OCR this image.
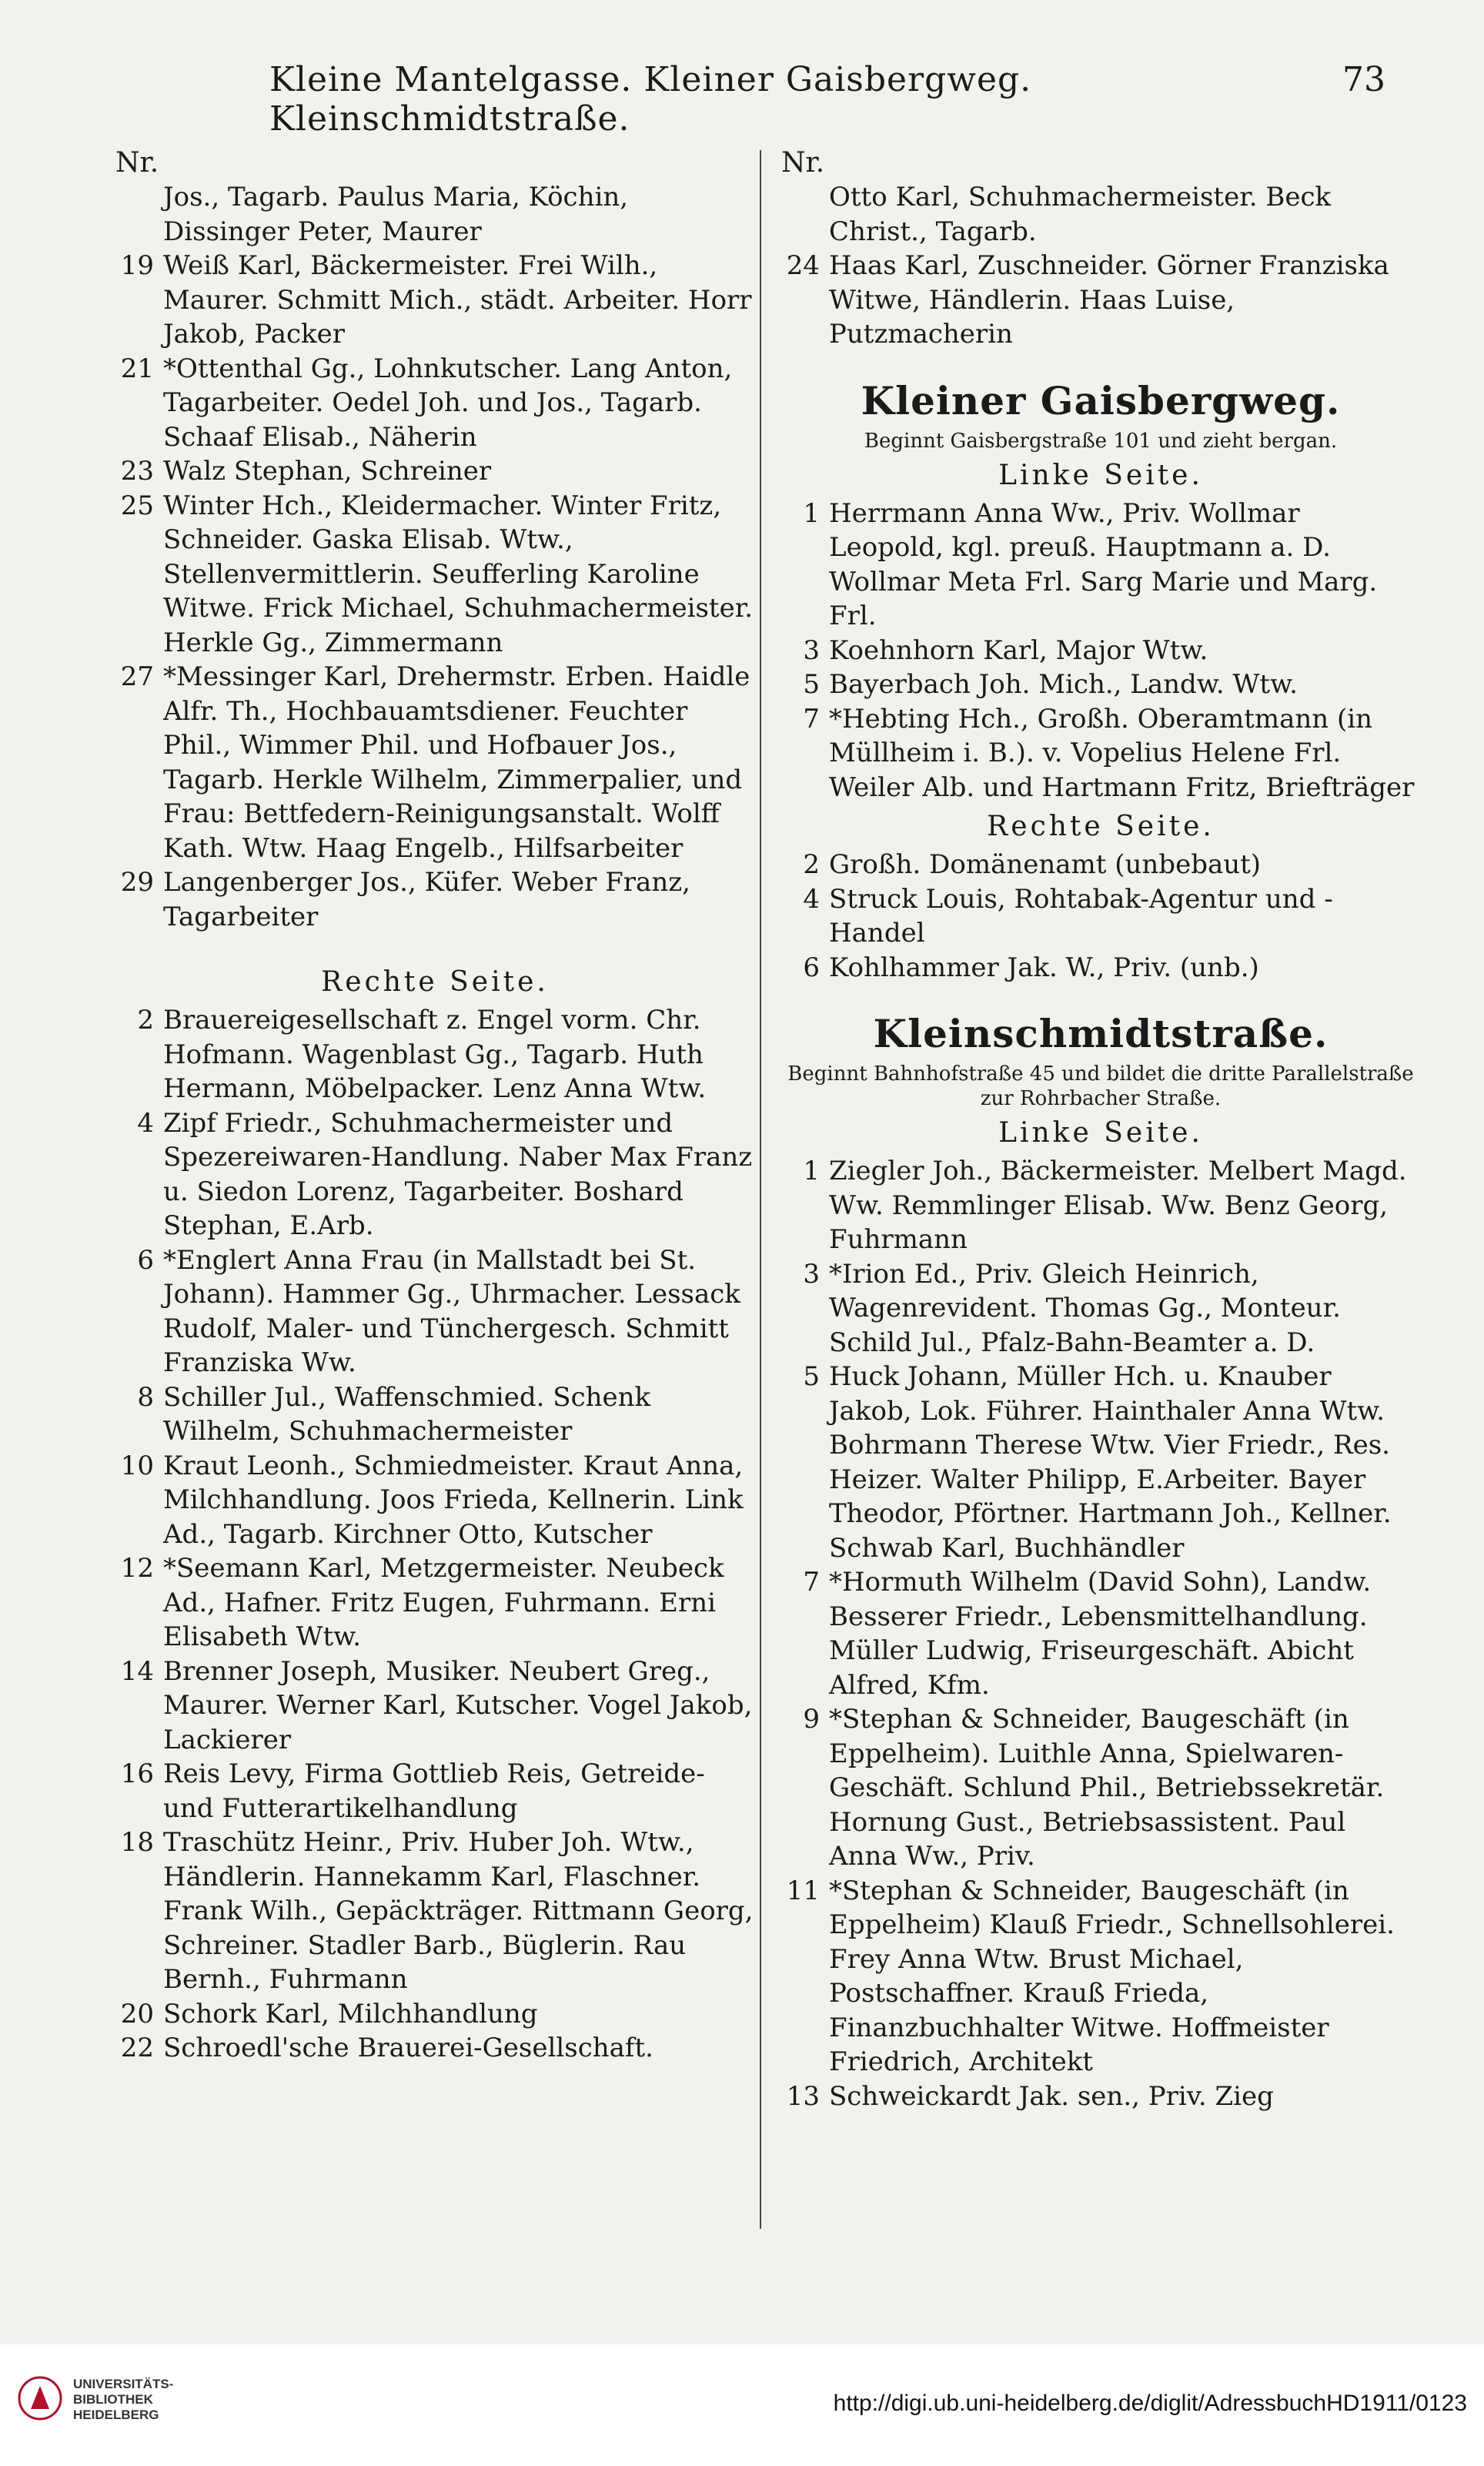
Kleine Mantelgasse. Kleiner Gaisbergweg. Kleinschmidtstraße.
73
Nr.

Jos., Tagarb. Paulus Maria, Köchin, Dissinger Peter, Maurer

19 Weiß Karl, Bäckermeister. Frei Wilh., Maurer. Schmitt Mich., städt. Arbeiter. Horr Jakob, Packer

21 *Ottenthal Gg., Lohnkutscher. Lang Anton, Tagarbeiter. Oedel Joh. und Jos., Tagarb. Schaaf Elisab., Näherin

23 Walz Stephan, Schreiner

25 Winter Hch., Kleidermacher. Winter Fritz, Schneider. Gaska Elisab. Wtw., Stellenvermittlerin. Seufferling Karoline Witwe. Frick Michael, Schuhmachermeister. Herkle Gg., Zimmermann

27 *Messinger Karl, Drehermstr. Erben. Haidle Alfr. Th., Hochbauamtsdiener. Feuchter Phil., Wimmer Phil. und Hofbauer Jos., Tagarb. Herkle Wilhelm, Zimmerpalier, und Frau: Bettfedern-Reinigungsanstalt. Wolff Kath. Wtw. Haag Engelb., Hilfsarbeiter

29 Langenberger Jos., Küfer. Weber Franz, Tagarbeiter

Rechte Seite.

2 Brauereigesellschaft z. Engel vorm. Chr. Hofmann. Wagenblast Gg., Tagarb. Huth Hermann, Möbelpacker. Lenz Anna Wtw.

4 Zipf Friedr., Schuhmachermeister und Spezereiwaren-Handlung. Naber Max Franz u. Siedon Lorenz, Tagarbeiter. Boshard Stephan, E.Arb.

6 *Englert Anna Frau (in Mallstadt bei St. Johann). Hammer Gg., Uhrmacher. Lessack Rudolf, Maler- und Tünchergesch. Schmitt Franziska Ww.

8 Schiller Jul., Waffenschmied. Schenk Wilhelm, Schuhmachermeister

10 Kraut Leonh., Schmiedmeister. Kraut Anna, Milchhandlung. Joos Frieda, Kellnerin. Link Ad., Tagarb. Kirchner Otto, Kutscher

12 *Seemann Karl, Metzgermeister. Neubeck Ad., Hafner. Fritz Eugen, Fuhrmann. Erni Elisabeth Wtw.

14 Brenner Joseph, Musiker. Neubert Greg., Maurer. Werner Karl, Kutscher. Vogel Jakob, Lackierer

16 Reis Levy, Firma Gottlieb Reis, Getreide- und Futterartikelhandlung

18 Traschütz Heinr., Priv. Huber Joh. Wtw., Händlerin. Hannekamm Karl, Flaschner. Frank Wilh., Gepäckträger. Rittmann Georg, Schreiner. Stadler Barb., Büglerin. Rau Bernh., Fuhrmann

20 Schork Karl, Milchhandlung

22 Schroedl'sche Brauerei-Gesellschaft.

Nr.

Otto Karl, Schuhmachermeister. Beck Christ., Tagarb.

24 Haas Karl, Zuschneider. Görner Franziska Witwe, Händlerin. Haas Luise, Putzmacherin

Kleiner Gaisbergweg.
Beginnt Gaisbergstraße 101 und zieht bergan.
Linke Seite.

1 Herrmann Anna Ww., Priv. Wollmar Leopold, kgl. preuß. Hauptmann a. D. Wollmar Meta Frl. Sarg Marie und Marg. Frl.

3 Koehnhorn Karl, Major Wtw.

5 Bayerbach Joh. Mich., Landw. Wtw.

7 *Hebting Hch., Großh. Oberamtmann (in Müllheim i. B.). v. Vopelius Helene Frl. Weiler Alb. und Hartmann Fritz, Briefträger

Rechte Seite.

2 Großh. Domänenamt (unbebaut)

4 Struck Louis, Rohtabak-Agentur und -Handel

6 Kohlhammer Jak. W., Priv. (unb.)

Kleinschmidtstraße.
Beginnt Bahnhofstraße 45 und bildet die dritte Parallelstraße zur Rohrbacher Straße.
Linke Seite.

1 Ziegler Joh., Bäckermeister. Melbert Magd. Ww. Remmlinger Elisab. Ww. Benz Georg, Fuhrmann

3 *Irion Ed., Priv. Gleich Heinrich, Wagenrevident. Thomas Gg., Monteur. Schild Jul., Pfalz-Bahn-Beamter a. D.

5 Huck Johann, Müller Hch. u. Knauber Jakob, Lok. Führer. Hainthaler Anna Wtw. Bohrmann Therese Wtw. Vier Friedr., Res. Heizer. Walter Philipp, E.Arbeiter. Bayer Theodor, Pförtner. Hartmann Joh., Kellner. Schwab Karl, Buchhändler

7 *Hormuth Wilhelm (David Sohn), Landw. Besserer Friedr., Lebensmittelhandlung. Müller Ludwig, Friseurgeschäft. Abicht Alfred, Kfm.

9 *Stephan & Schneider, Baugeschäft (in Eppelheim). Luithle Anna, Spielwaren-Geschäft. Schlund Phil., Betriebssekretär. Hornung Gust., Betriebsassistent. Paul Anna Ww., Priv.

11 *Stephan & Schneider, Baugeschäft (in Eppelheim) Klauß Friedr., Schnellsohlerei. Frey Anna Wtw. Brust Michael, Postschaffner. Krauß Frieda, Finanzbuchhalter Witwe. Hoffmeister Friedrich, Architekt

13 Schweickardt Jak. sen., Priv. Zieg

UNIVERSITÄTS-
BIBLIOTHEK
HEIDELBERG	http://digi.ub.uni-heidelberg.de/diglit/AdressbuchHD1911/0123
